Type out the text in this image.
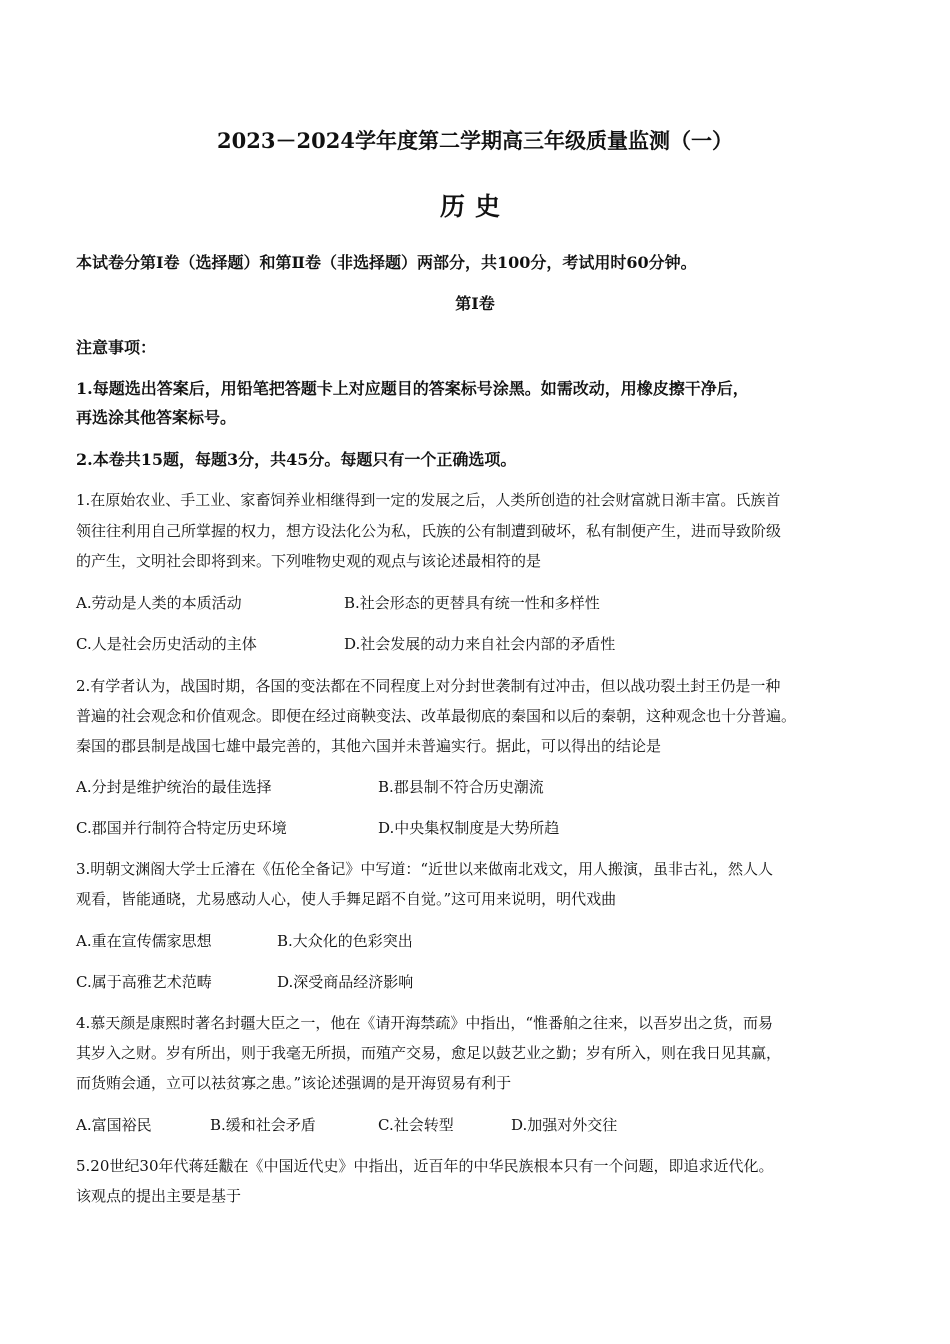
2023－2024学年度第二学期高三年级质量监测（一）
历史
本试卷分第Ⅰ卷（选择题）和第Ⅱ卷（非选择题）两部分，共100分，考试用时60分钟。
第Ⅰ卷
注意事项：
1.每题选出答案后，用铅笔把答题卡上对应题目的答案标号涂黑。如需改动，用橡皮擦干净后，
再选涂其他答案标号。
2.本卷共15题，每题3分，共45分。每题只有一个正确选项。
1.在原始农业、手工业、家畜饲养业相继得到一定的发展之后，人类所创造的社会财富就日渐丰富。氏族首
领往往利用自己所掌握的权力，想方设法化公为私，氏族的公有制遭到破坏，私有制便产生，进而导致阶级
的产生，文明社会即将到来。下列唯物史观的观点与该论述最相符的是
A.劳动是人类的本质活动	B.社会形态的更替具有统一性和多样性
C.人是社会历史活动的主体	D.社会发展的动力来自社会内部的矛盾性
2.有学者认为，战国时期，各国的变法都在不同程度上对分封世袭制有过冲击，但以战功裂土封王仍是一种
普遍的社会观念和价值观念。即便在经过商鞅变法、改革最彻底的秦国和以后的秦朝，这种观念也十分普遍。
秦国的郡县制是战国七雄中最完善的，其他六国并未普遍实行。据此，可以得出的结论是
A.分封是维护统治的最佳选择	B.郡县制不符合历史潮流
C.郡国并行制符合特定历史环境	D.中央集权制度是大势所趋
3.明朝文渊阁大学士丘濬在《伍伦全备记》中写道：“近世以来做南北戏文，用人搬演，虽非古礼，然人人
观看，皆能通晓，尤易感动人心，使人手舞足蹈不自觉。”这可用来说明，明代戏曲
A.重在宣传儒家思想	B.大众化的色彩突出
C.属于高雅艺术范畴	D.深受商品经济影响
4.慕天颜是康熙时著名封疆大臣之一，他在《请开海禁疏》中指出，“惟番舶之往来，以吾岁出之货，而易
其岁入之财。岁有所出，则于我毫无所损，而殖产交易，愈足以鼓艺业之勤；岁有所入，则在我日见其赢，
而货贿会通，立可以祛贫寡之患。”该论述强调的是开海贸易有利于
A.富国裕民	B.缓和社会矛盾	C.社会转型	D.加强对外交往
5.20世纪30年代蒋廷黻在《中国近代史》中指出，近百年的中华民族根本只有一个问题，即追求近代化。
该观点的提出主要是基于
